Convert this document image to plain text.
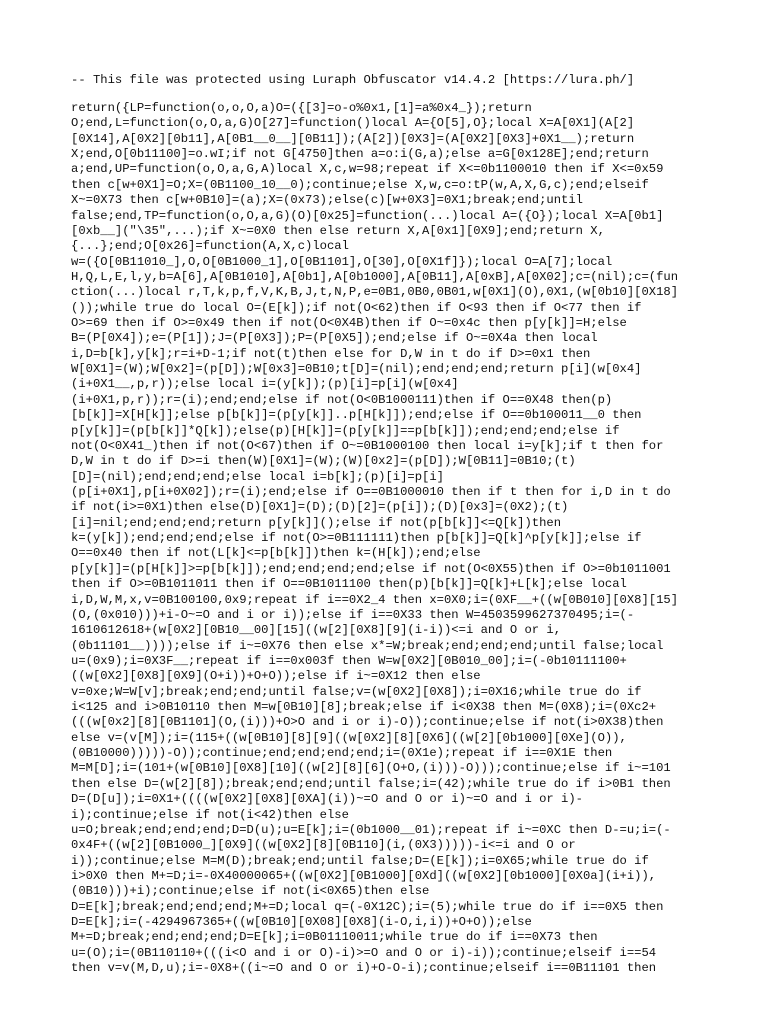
-- This file was protected using Luraph Obfuscator v14.4.2 [https://lura.ph/]
return({LP=function(o,o,O,a)O=({[3]=o-o%0x1,[1]=a%0x4_});return
O;end,L=function(o,O,a,G)O[27]=function()local A={O[5],O};local X=A[0X1](A[2]
[0X14],A[0X2][0b11],A[0B1__0__][0B11]);(A[2])[0X3]=(A[0X2][0X3]+0X1__);return
X;end,O[0b11100]=o.wI;if not G[4750]then a=o:i(G,a);else a=G[0x128E];end;return
a;end,UP=function(o,O,a,G,A)local X,c,w=98;repeat if X<=0b1100010 then if X<=0x59
then c[w+0X1]=O;X=(0B1100_10__0);continue;else X,w,c=o:tP(w,A,X,G,c);end;elseif
X~=0X73 then c[w+0B10]=(a);X=(0x73);else(c)[w+0X3]=0X1;break;end;until
false;end,TP=function(o,O,a,G)(O)[0x25]=function(...)local A=({O});local X=A[0b1]
[0xb__]("\35",...);if X~=0X0 then else return X,A[0x1][0X9];end;return X,
{...};end;O[0x26]=function(A,X,c)local
w=({O[0B11010_],O,O[0B1000_1],O[0B1101],O[30],O[0X1f]});local O=A[7];local
H,Q,L,E,l,y,b=A[6],A[0B1010],A[0b1],A[0b1000],A[0B11],A[0xB],A[0X02];c=(nil);c=(fun
ction(...)local r,T,k,p,f,V,K,B,J,t,N,P,e=0B1,0B0,0B01,w[0X1](O),0X1,(w[0b10][0X18]
());while true do local O=(E[k]);if not(O<62)then if O<93 then if O<77 then if
O>=69 then if O>=0x49 then if not(O<0X4B)then if O~=0x4c then p[y[k]]=H;else
B=(P[0X4]);e=(P[1]);J=(P[0X3]);P=(P[0X5]);end;else if O~=0X4a then local
i,D=b[k],y[k];r=i+D-1;if not(t)then else for D,W in t do if D>=0x1 then
W[0X1]=(W);W[0x2]=(p[D]);W[0x3]=0B10;t[D]=(nil);end;end;end;return p[i](w[0x4]
(i+0X1__,p,r));else local i=(y[k]);(p)[i]=p[i](w[0x4]
(i+0X1,p,r));r=(i);end;end;else if not(O<0B1000111)then if O==0X48 then(p)
[b[k]]=X[H[k]];else p[b[k]]=(p[y[k]]..p[H[k]]);end;else if O==0b100011__0 then
p[y[k]]=(p[b[k]]*Q[k]);else(p)[H[k]]=(p[y[k]]==p[b[k]]);end;end;end;else if
not(O<0X41_)then if not(O<67)then if O~=0B1000100 then local i=y[k];if t then for
D,W in t do if D>=i then(W)[0X1]=(W);(W)[0x2]=(p[D]);W[0B11]=0B10;(t)
[D]=(nil);end;end;end;else local i=b[k];(p)[i]=p[i]
(p[i+0X1],p[i+0X02]);r=(i);end;else if O==0B1000010 then if t then for i,D in t do
if not(i>=0X1)then else(D)[0X1]=(D);(D)[2]=(p[i]);(D)[0x3]=(0X2);(t)
[i]=nil;end;end;end;return p[y[k]]();else if not(p[b[k]]<=Q[k])then
k=(y[k]);end;end;end;else if not(O>=0B111111)then p[b[k]]=Q[k]^p[y[k]];else if
O==0x40 then if not(L[k]<=p[b[k]])then k=(H[k]);end;else
p[y[k]]=(p[H[k]]>=p[b[k]]);end;end;end;end;else if not(O<0X55)then if O>=0b1011001
then if O>=0B1011011 then if O==0B1011100 then(p)[b[k]]=Q[k]+L[k];else local
i,D,W,M,x,v=0B100100,0x9;repeat if i==0X2_4 then x=0X0;i=(0XF__+((w[0B010][0X8][15]
(O,(0x010)))+i-O~=O and i or i));else if i==0X33 then W=4503599627370495;i=(-
1610612618+(w[0X2][0B10__00][15]((w[2][0X8][9](i-i))<=i and O or i,
(0b11101__))));else if i~=0X76 then else x*=W;break;end;end;end;until false;local
u=(0x9);i=0X3F__;repeat if i==0x003f then W=w[0X2][0B010_00];i=(-0b10111100+
((w[0X2][0X8][0X9](O+i))+O+O));else if i~=0X12 then else
v=0xe;W=W[v];break;end;end;until false;v=(w[0X2][0X8]);i=0X16;while true do if
i<125 and i>0B10110 then M=w[0B10][8];break;else if i<0X38 then M=(0X8);i=(0Xc2+
(((w[0x2][8][0B1101](O,(i)))+O>O and i or i)-O));continue;else if not(i>0X38)then
else v=(v[M]);i=(115+((w[0B10][8][9]((w[0X2][8][0X6]((w[2][0b1000][0Xe](O)),
(0B10000)))))-O));continue;end;end;end;end;i=(0X1e);repeat if i==0X1E then
M=M[D];i=(101+(w[0B10][0X8][10]((w[2][8][6](O+O,(i)))-O)));continue;else if i~=101
then else D=(w[2][8]);break;end;end;until false;i=(42);while true do if i>0B1 then
D=(D[u]);i=0X1+((((w[0X2][0X8][0XA](i))~=O and O or i)~=O and i or i)-
i);continue;else if not(i<42)then else
u=O;break;end;end;end;D=D(u);u=E[k];i=(0b1000__01);repeat if i~=0XC then D-=u;i=(-
0x4F+((w[2][0B1000_][0X9]((w[0X2][8][0B110](i,(0X3)))))-i<=i and O or
i));continue;else M=M(D);break;end;until false;D=(E[k]);i=0X65;while true do if
i>0X0 then M+=D;i=-0X40000065+((w[0X2][0B1000][0Xd]((w[0X2][0b1000][0X0a](i+i)),
(0B10)))+i);continue;else if not(i<0X65)then else
D=E[k];break;end;end;end;M+=D;local q=(-0X12C);i=(5);while true do if i==0X5 then
D=E[k];i=(-4294967365+((w[0B10][0X08][0X8](i-O,i,i))+O+O));else
M+=D;break;end;end;end;D=E[k];i=0B01110011;while true do if i==0X73 then
u=(O);i=(0B110110+(((i<O and i or O)-i)>=O and O or i)-i));continue;elseif i==54
then v=v(M,D,u);i=-0X8+((i~=O and O or i)+O-O-i);continue;elseif i==0B11101 then
